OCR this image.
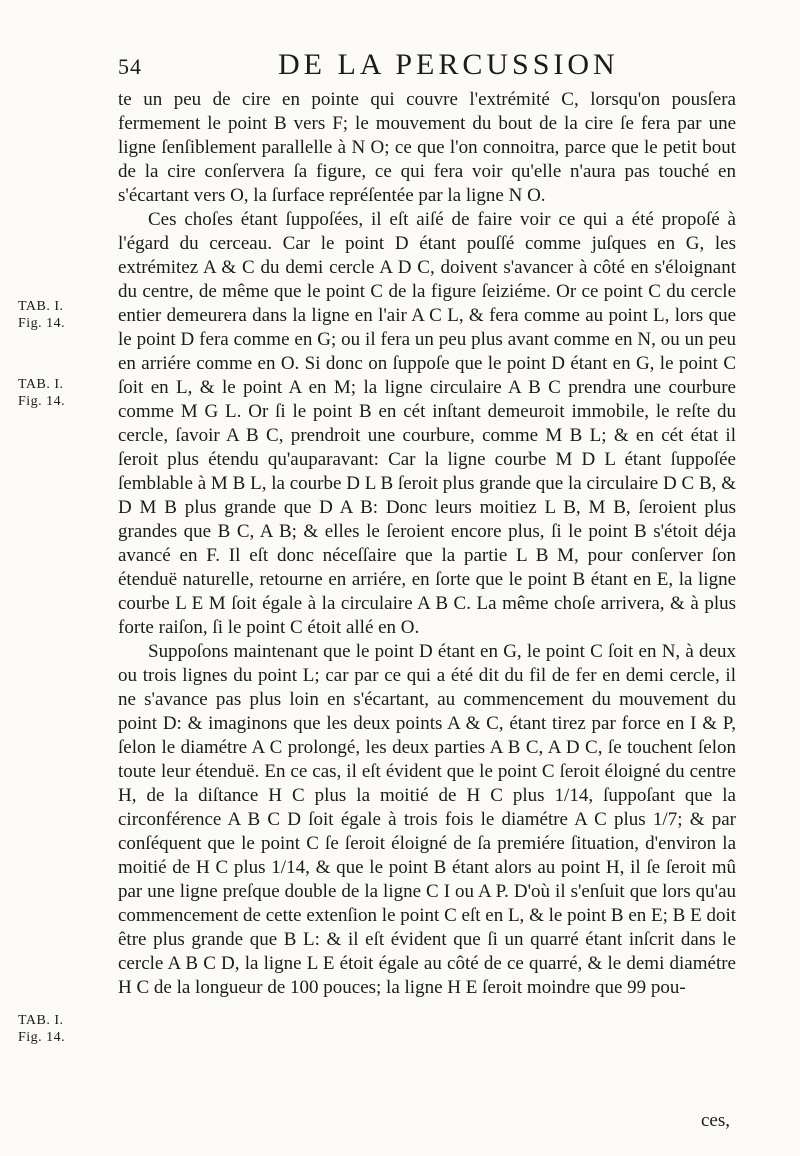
54	DE LA PERCUSSION
TAB. I. Fig. 14.
TAB. I. Fig. 14.
TAB. I. Fig. 14.

te un peu de cire en pointe qui couvre l'extrémité C, lorsqu'on pousſera fermement le point B vers F; le mouvement du bout de la cire ſe fera par une ligne ſenſiblement parallelle à N O; ce que l'on connoitra, parce que le petit bout de la cire conſervera ſa figure, ce qui fera voir qu'elle n'aura pas touché en s'écartant vers O, la ſurface repréſentée par la ligne N O.

Ces choſes étant ſuppoſées, il eſt aiſé de faire voir ce qui a été propoſé à l'égard du cerceau. Car le point D étant pouſſé comme juſques en G, les extrémitez A & C du demi cercle A D C, doivent s'avancer à côté en s'éloignant du centre, de même que le point C de la figure ſeiziéme. Or ce point C du cercle entier demeurera dans la ligne en l'air A C L, & fera comme au point L, lors que le point D fera comme en G; ou il fera un peu plus avant comme en N, ou un peu en arriére comme en O. Si donc on ſuppoſe que le point D étant en G, le point C ſoit en L, & le point A en M; la ligne circulaire A B C prendra une courbure comme M G L. Or ſi le point B en cét inſtant demeuroit immobile, le reſte du cercle, ſavoir A B C, prendroit une courbure, comme M B L; & en cét état il ſeroit plus étendu qu'auparavant: Car la ligne courbe M D L étant ſuppoſée ſemblable à M B L, la courbe D L B ſeroit plus grande que la circulaire D C B, & D M B plus grande que D A B: Donc leurs moitiez L B, M B, ſeroient plus grandes que B C, A B; & elles le ſeroient encore plus, ſi le point B s'étoit déja avancé en F. Il eſt donc néceſſaire que la partie L B M, pour conſerver ſon étenduë naturelle, retourne en arriére, en ſorte que le point B étant en E, la ligne courbe L E M ſoit égale à la circulaire A B C. La même choſe arrivera, & à plus forte raiſon, ſi le point C étoit allé en O.

Suppoſons maintenant que le point D étant en G, le point C ſoit en N, à deux ou trois lignes du point L; car par ce qui a été dit du fil de fer en demi cercle, il ne s'avance pas plus loin en s'écartant, au commencement du mouvement du point D: & imaginons que les deux points A & C, étant tirez par force en I & P, ſelon le diamétre A C prolongé, les deux parties A B C, A D C, ſe touchent ſelon toute leur étenduë. En ce cas, il eſt évident que le point C ſeroit éloigné du centre H, de la diſtance H C plus la moitié de H C plus 1/14, ſuppoſant que la circonférence A B C D ſoit égale à trois fois le diamétre A C plus 1/7; & par conſéquent que le point C ſe ſeroit éloigné de ſa premiére ſituation, d'environ la moitié de H C plus 1/14, & que le point B étant alors au point H, il ſe ſeroit mû par une ligne preſque double de la ligne C I ou A P. D'où il s'enſuit que lors qu'au commencement de cette extenſion le point C eſt en L, & le point B en E; B E doit être plus grande que B L: & il eſt évident que ſi un quarré étant inſcrit dans le cercle A B C D, la ligne L E étoit égale au côté de ce quarré, & le demi diamétre H C de la longueur de 100 pouces; la ligne H E ſeroit moindre que 99 pou-

ces,
